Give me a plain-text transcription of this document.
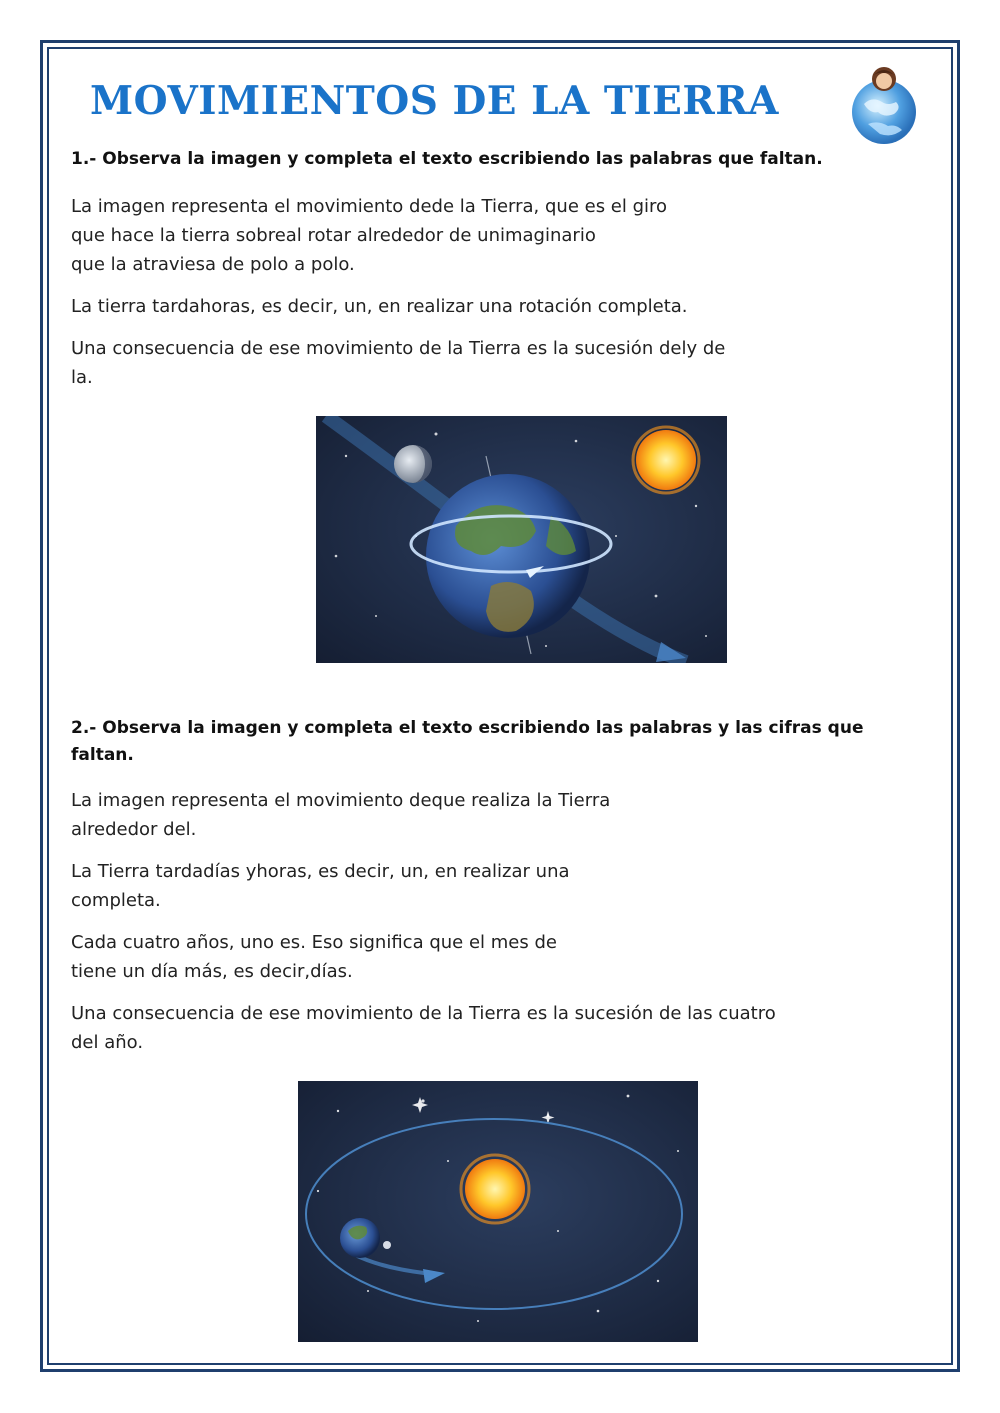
MOVIMIENTOS DE LA TIERRA

1.- Observa la imagen y completa el texto escribiendo las palabras que faltan.

La imagen representa el movimiento dede la Tierra, que es el giro

que hace la tierra sobreal rotar alrededor de unimaginario

que la atraviesa de polo a polo.

La tierra tardahoras, es decir, un, en realizar una rotación completa.

Una consecuencia de ese movimiento de la Tierra es la sucesión dely de

la.

2.- Observa la imagen y completa el texto escribiendo las palabras y las cifras que faltan.

La imagen representa el movimiento deque realiza la Tierra

alrededor del.

La Tierra tardadías yhoras, es decir, un, en realizar una

completa.

Cada cuatro años, uno es. Eso significa que el mes de

tiene un día más, es decir,días.

Una consecuencia de ese movimiento de la Tierra es la sucesión de las cuatro

del año.
